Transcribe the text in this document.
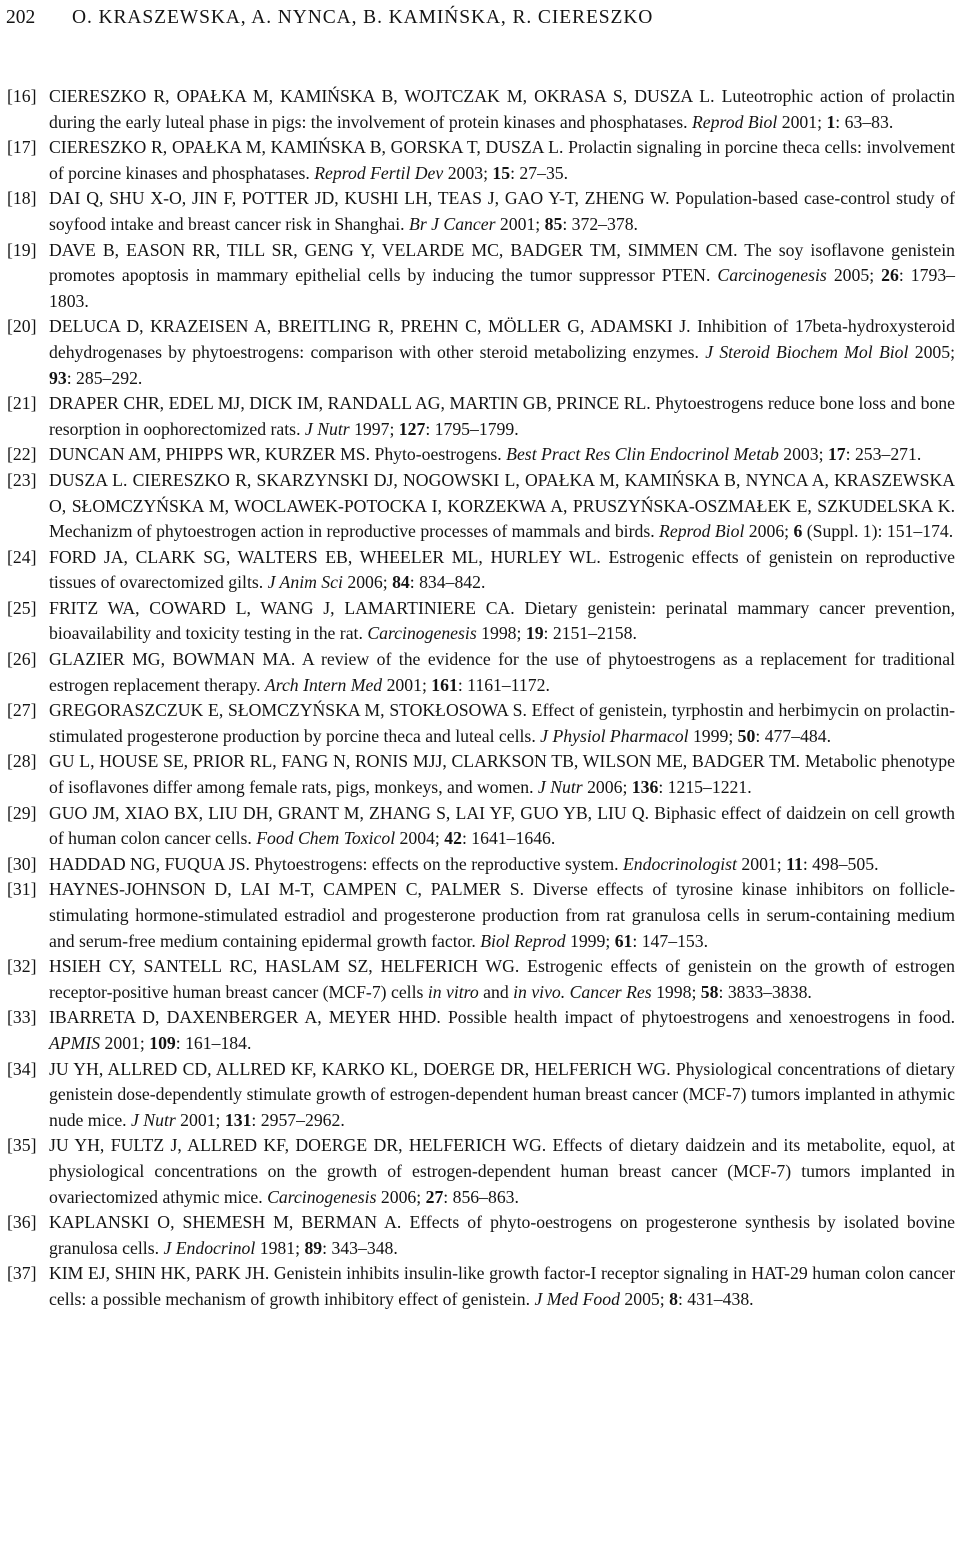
202 O. KRASZEWSKA, A. NYNCA, B. KAMIŃSKA, R. CIERESZKO
[16] CIERESZKO R, OPAŁKA M, KAMIŃSKA B, WOJTCZAK M, OKRASA S, DUSZA L. Luteotrophic action of prolactin during the early luteal phase in pigs: the involvement of protein kinases and phosphatases. Reprod Biol 2001; 1: 63–83.
[17] CIERESZKO R, OPAŁKA M, KAMIŃSKA B, GORSKA T, DUSZA L. Prolactin signaling in porcine theca cells: involvement of porcine kinases and phosphatases. Reprod Fertil Dev 2003; 15: 27–35.
[18] DAI Q, SHU X-O, JIN F, POTTER JD, KUSHI LH, TEAS J, GAO Y-T, ZHENG W. Population-based case-control study of soyfood intake and breast cancer risk in Shanghai. Br J Cancer 2001; 85: 372–378.
[19] DAVE B, EASON RR, TILL SR, GENG Y, VELARDE MC, BADGER TM, SIMMEN CM. The soy isoflavone genistein promotes apoptosis in mammary epithelial cells by inducing the tumor suppressor PTEN. Carcinogenesis 2005; 26: 1793–1803.
[20] DELUCA D, KRAZEISEN A, BREITLING R, PREHN C, MÖLLER G, ADAMSKI J. Inhibition of 17beta-hydroxysteroid dehydrogenases by phytoestrogens: comparison with other steroid metabolizing enzymes. J Steroid Biochem Mol Biol 2005; 93: 285–292.
[21] DRAPER CHR, EDEL MJ, DICK IM, RANDALL AG, MARTIN GB, PRINCE RL. Phytoestrogens reduce bone loss and bone resorption in oophorectomized rats. J Nutr 1997; 127: 1795–1799.
[22] DUNCAN AM, PHIPPS WR, KURZER MS. Phyto-oestrogens. Best Pract Res Clin Endocrinol Metab 2003; 17: 253–271.
[23] DUSZA L. CIERESZKO R, SKARZYNSKI DJ, NOGOWSKI L, OPAŁKA M, KAMIŃSKA B, NYNCA A, KRASZEWSKA O, SŁOMCZYŃSKA M, WOCLAWEK-POTOCKA I, KORZEKWA A, PRUSZYŃSKA-OSZMAŁEK E, SZKUDELSKA K. Mechanizm of phytoestrogen action in reproductive processes of mammals and birds. Reprod Biol 2006; 6 (Suppl. 1): 151–174.
[24] FORD JA, CLARK SG, WALTERS EB, WHEELER ML, HURLEY WL. Estrogenic effects of genistein on reproductive tissues of ovarectomized gilts. J Anim Sci 2006; 84: 834–842.
[25] FRITZ WA, COWARD L, WANG J, LAMARTINIERE CA. Dietary genistein: perinatal mammary cancer prevention, bioavailability and toxicity testing in the rat. Carcinogenesis 1998; 19: 2151–2158.
[26] GLAZIER MG, BOWMAN MA. A review of the evidence for the use of phytoestrogens as a replacement for traditional estrogen replacement therapy. Arch Intern Med 2001; 161: 1161–1172.
[27] GREGORASZCZUK E, SŁOMCZYŃSKA M, STOKŁOSOWA S. Effect of genistein, tyrphostin and herbimycin on prolactin-stimulated progesterone production by porcine theca and luteal cells. J Physiol Pharmacol 1999; 50: 477–484.
[28] GU L, HOUSE SE, PRIOR RL, FANG N, RONIS MJJ, CLARKSON TB, WILSON ME, BADGER TM. Metabolic phenotype of isoflavones differ among female rats, pigs, monkeys, and women. J Nutr 2006; 136: 1215–1221.
[29] GUO JM, XIAO BX, LIU DH, GRANT M, ZHANG S, LAI YF, GUO YB, LIU Q. Biphasic effect of daidzein on cell growth of human colon cancer cells. Food Chem Toxicol 2004; 42: 1641–1646.
[30] HADDAD NG, FUQUA JS. Phytoestrogens: effects on the reproductive system. Endocrinologist 2001; 11: 498–505.
[31] HAYNES-JOHNSON D, LAI M-T, CAMPEN C, PALMER S. Diverse effects of tyrosine kinase inhibitors on follicle-stimulating hormone-stimulated estradiol and progesterone production from rat granulosa cells in serum-containing medium and serum-free medium containing epidermal growth factor. Biol Reprod 1999; 61: 147–153.
[32] HSIEH CY, SANTELL RC, HASLAM SZ, HELFERICH WG. Estrogenic effects of genistein on the growth of estrogen receptor-positive human breast cancer (MCF-7) cells in vitro and in vivo. Cancer Res 1998; 58: 3833–3838.
[33] IBARRETA D, DAXENBERGER A, MEYER HHD. Possible health impact of phytoestrogens and xenoestrogens in food. APMIS 2001; 109: 161–184.
[34] JU YH, ALLRED CD, ALLRED KF, KARKO KL, DOERGE DR, HELFERICH WG. Physiological concentrations of dietary genistein dose-dependently stimulate growth of estrogen-dependent human breast cancer (MCF-7) tumors implanted in athymic nude mice. J Nutr 2001; 131: 2957–2962.
[35] JU YH, FULTZ J, ALLRED KF, DOERGE DR, HELFERICH WG. Effects of dietary daidzein and its metabolite, equol, at physiological concentrations on the growth of estrogen-dependent human breast cancer (MCF-7) tumors implanted in ovariectomized athymic mice. Carcinogenesis 2006; 27: 856–863.
[36] KAPLANSKI O, SHEMESH M, BERMAN A. Effects of phyto-oestrogens on progesterone synthesis by isolated bovine granulosa cells. J Endocrinol 1981; 89: 343–348.
[37] KIM EJ, SHIN HK, PARK JH. Genistein inhibits insulin-like growth factor-I receptor signaling in HAT-29 human colon cancer cells: a possible mechanism of growth inhibitory effect of genistein. J Med Food 2005; 8: 431–438.
